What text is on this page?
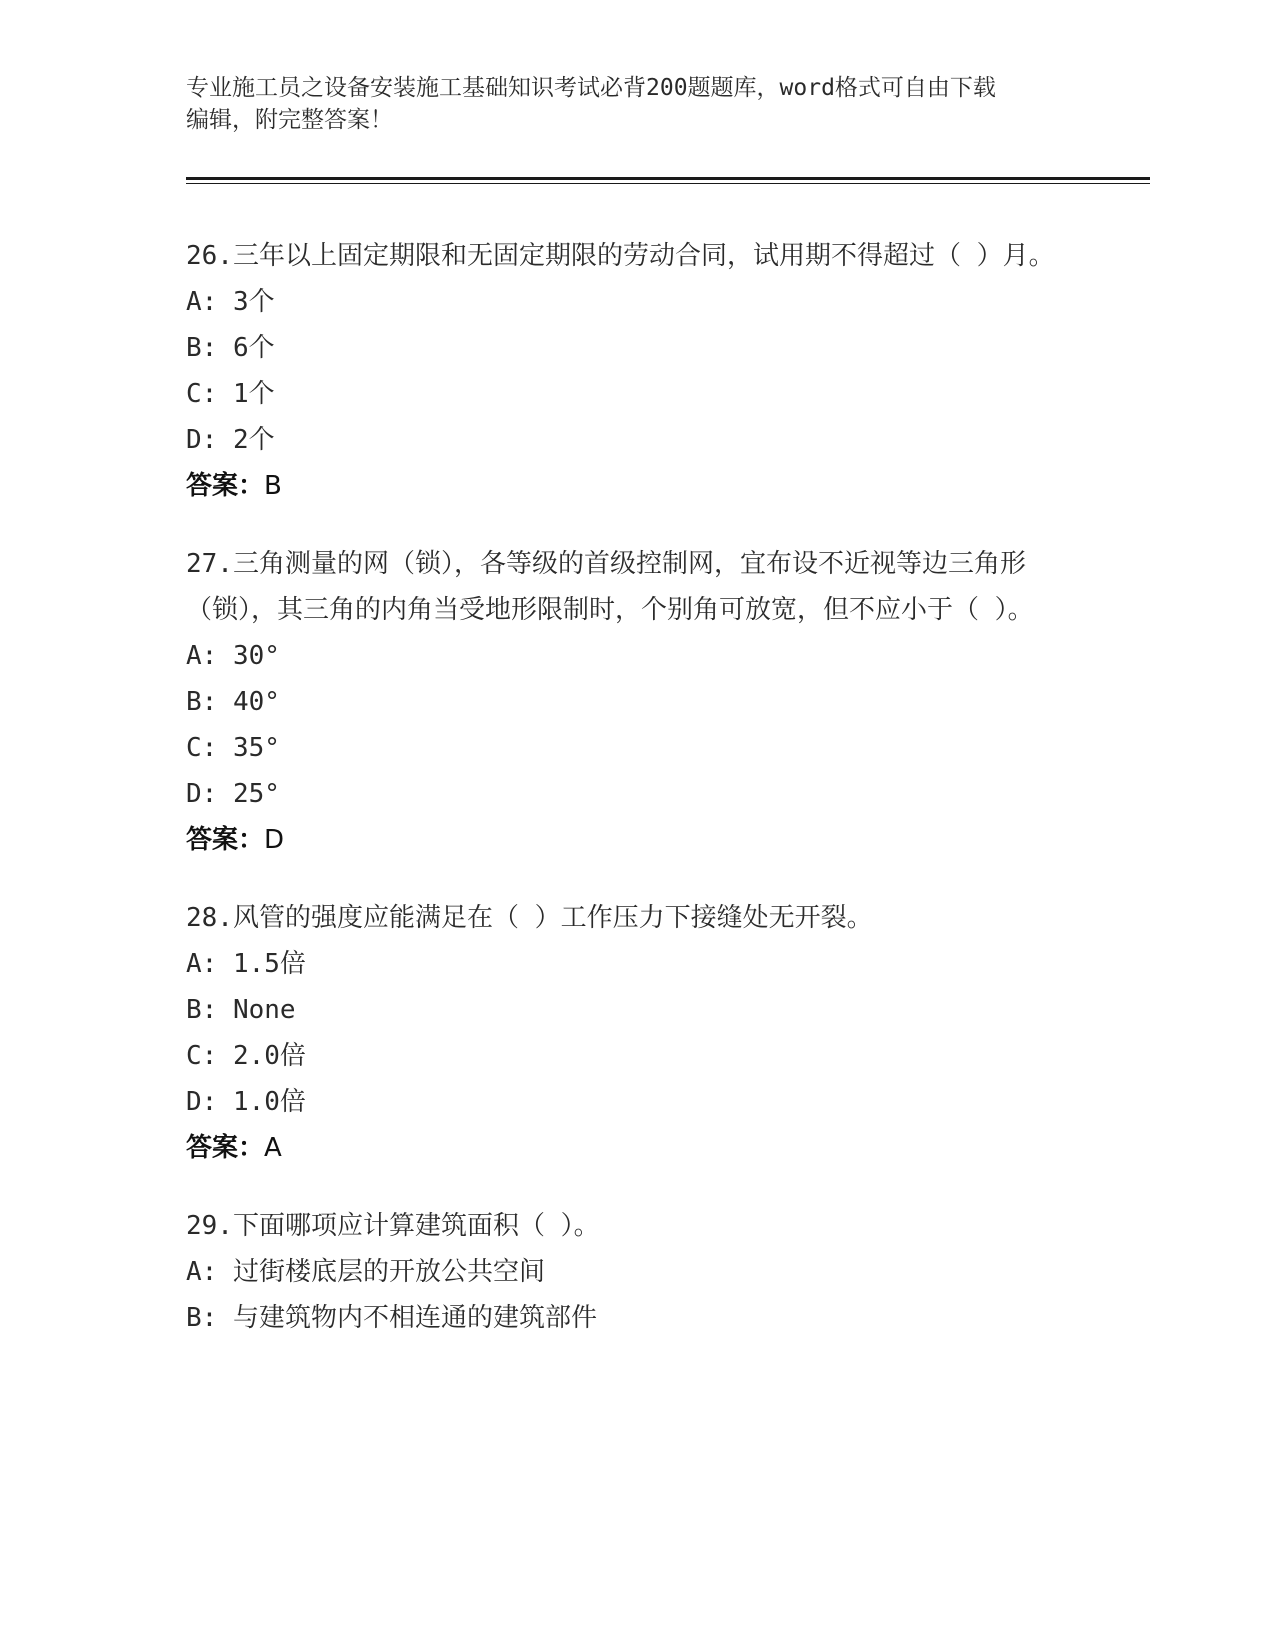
专业施工员之设备安装施工基础知识考试必背200题题库，word格式可自由下载
编辑，附完整答案！
26.三年以上固定期限和无固定期限的劳动合同，试用期不得超过（ ）月。
A: 3个
B: 6个
C: 1个
D: 2个
答案：B
27.三角测量的网（锁），各等级的首级控制网，宜布设不近视等边三角形（锁），其三角的内角当受地形限制时，个别角可放宽，但不应小于（ ）。
A: 30°
B: 40°
C: 35°
D: 25°
答案：D
28.风管的强度应能满足在（ ）工作压力下接缝处无开裂。
A: 1.5倍
B: None
C: 2.0倍
D: 1.0倍
答案：A
29.下面哪项应计算建筑面积（ ）。
A: 过街楼底层的开放公共空间
B: 与建筑物内不相连通的建筑部件
